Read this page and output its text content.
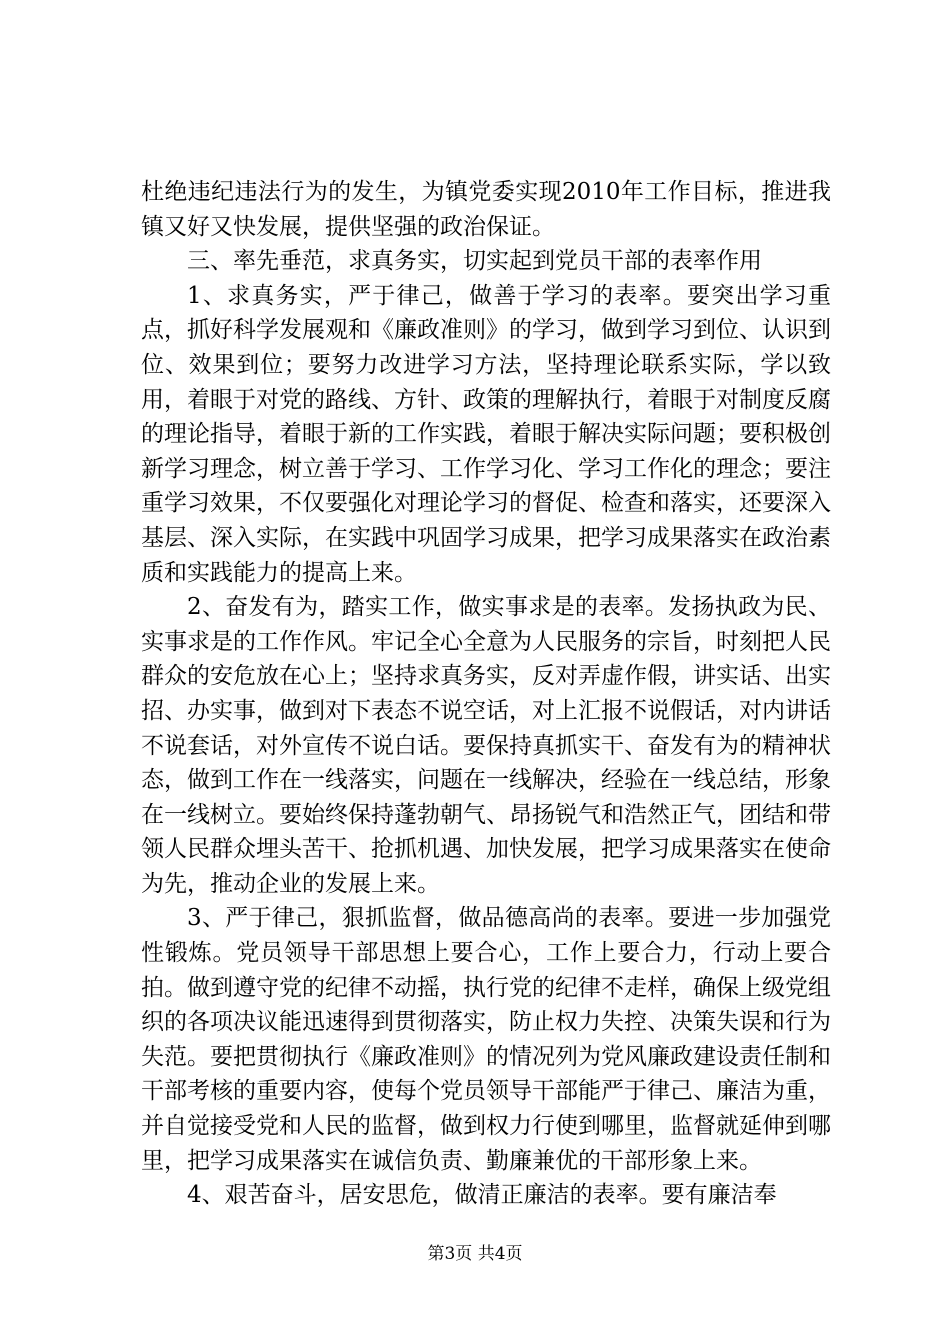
杜绝违纪违法行为的发生，为镇党委实现2010年工作目标，推进我镇又好又快发展，提供坚强的政治保证。

三、率先垂范，求真务实，切实起到党员干部的表率作用

1、求真务实，严于律己，做善于学习的表率。要突出学习重点，抓好科学发展观和《廉政准则》的学习，做到学习到位、认识到位、效果到位；要努力改进学习方法，坚持理论联系实际，学以致用，着眼于对党的路线、方针、政策的理解执行，着眼于对制度反腐的理论指导，着眼于新的工作实践，着眼于解决实际问题；要积极创新学习理念，树立善于学习、工作学习化、学习工作化的理念；要注重学习效果，不仅要强化对理论学习的督促、检查和落实，还要深入基层、深入实际，在实践中巩固学习成果，把学习成果落实在政治素质和实践能力的提高上来。

2、奋发有为，踏实工作，做实事求是的表率。发扬执政为民、实事求是的工作作风。牢记全心全意为人民服务的宗旨，时刻把人民群众的安危放在心上；坚持求真务实，反对弄虚作假，讲实话、出实招、办实事，做到对下表态不说空话，对上汇报不说假话，对内讲话不说套话，对外宣传不说白话。要保持真抓实干、奋发有为的精神状态，做到工作在一线落实，问题在一线解决，经验在一线总结，形象在一线树立。要始终保持蓬勃朝气、昂扬锐气和浩然正气，团结和带领人民群众埋头苦干、抢抓机遇、加快发展，把学习成果落实在使命为先，推动企业的发展上来。

3、严于律己，狠抓监督，做品德高尚的表率。要进一步加强党性锻炼。党员领导干部思想上要合心，工作上要合力，行动上要合拍。做到遵守党的纪律不动摇，执行党的纪律不走样，确保上级党组织的各项决议能迅速得到贯彻落实，防止权力失控、决策失误和行为失范。要把贯彻执行《廉政准则》的情况列为党风廉政建设责任制和干部考核的重要内容，使每个党员领导干部能严于律己、廉洁为重，并自觉接受党和人民的监督，做到权力行使到哪里，监督就延伸到哪里，把学习成果落实在诚信负责、勤廉兼优的干部形象上来。

4、艰苦奋斗，居安思危，做清正廉洁的表率。要有廉洁奉

第3页 共4页
